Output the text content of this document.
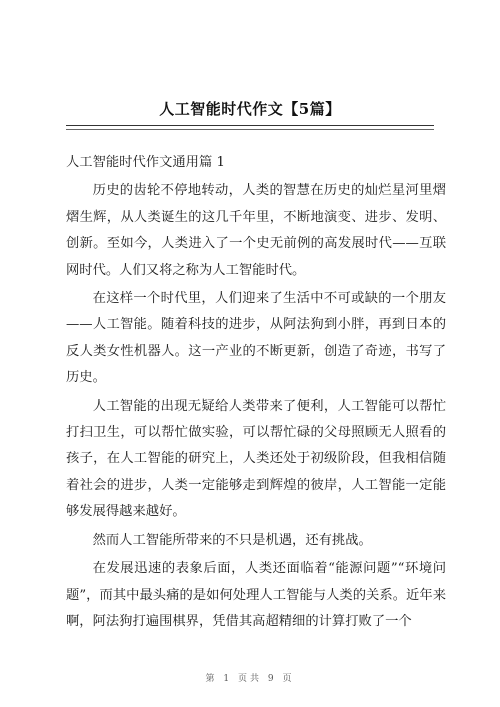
人工智能时代作文【5篇】
人工智能时代作文通用篇 1

历史的齿轮不停地转动，人类的智慧在历史的灿烂星河里熠熠生辉，从人类诞生的这几千年里，不断地演变、进步、发明、创新。至如今，人类进入了一个史无前例的高发展时代——互联网时代。人们又将之称为人工智能时代。

在这样一个时代里，人们迎来了生活中不可或缺的一个朋友——人工智能。随着科技的进步，从阿法狗到小胖，再到日本的反人类女性机器人。这一产业的不断更新，创造了奇迹，书写了历史。

人工智能的出现无疑给人类带来了便利，人工智能可以帮忙打扫卫生，可以帮忙做实验，可以帮忙碌的父母照顾无人照看的孩子，在人工智能的研究上，人类还处于初级阶段，但我相信随着社会的进步，人类一定能够走到辉煌的彼岸，人工智能一定能够发展得越来越好。

然而人工智能所带来的不只是机遇，还有挑战。

在发展迅速的表象后面，人类还面临着“能源问题”“环境问题”，而其中最头痛的是如何处理人工智能与人类的关系。近年来啊，阿法狗打遍围棋界，凭借其高超精细的计算打败了一个

第 1 页共 9 页
